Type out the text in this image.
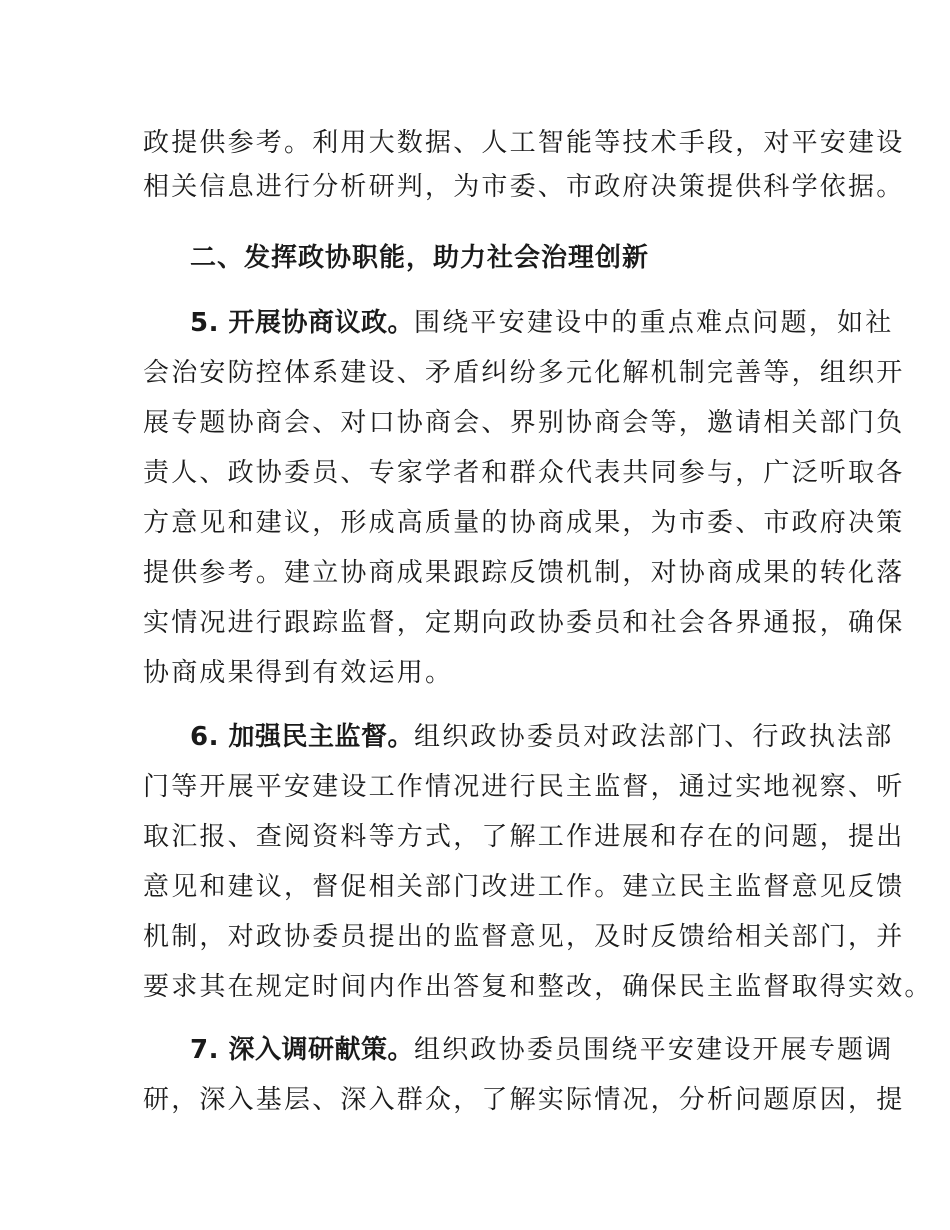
政提供参考。利用大数据、人工智能等技术手段，对平安建设
相关信息进行分析研判，为市委、市政府决策提供科学依据。
二、发挥政协职能，助力社会治理创新
5. 开展协商议政。围绕平安建设中的重点难点问题，如社
会治安防控体系建设、矛盾纠纷多元化解机制完善等，组织开
展专题协商会、对口协商会、界别协商会等，邀请相关部门负
责人、政协委员、专家学者和群众代表共同参与，广泛听取各
方意见和建议，形成高质量的协商成果，为市委、市政府决策
提供参考。建立协商成果跟踪反馈机制，对协商成果的转化落
实情况进行跟踪监督，定期向政协委员和社会各界通报，确保
协商成果得到有效运用。
6. 加强民主监督。组织政协委员对政法部门、行政执法部
门等开展平安建设工作情况进行民主监督，通过实地视察、听
取汇报、查阅资料等方式，了解工作进展和存在的问题，提出
意见和建议，督促相关部门改进工作。建立民主监督意见反馈
机制，对政协委员提出的监督意见，及时反馈给相关部门，并
要求其在规定时间内作出答复和整改，确保民主监督取得实效。
7. 深入调研献策。组织政协委员围绕平安建设开展专题调
研，深入基层、深入群众，了解实际情况，分析问题原因，提
